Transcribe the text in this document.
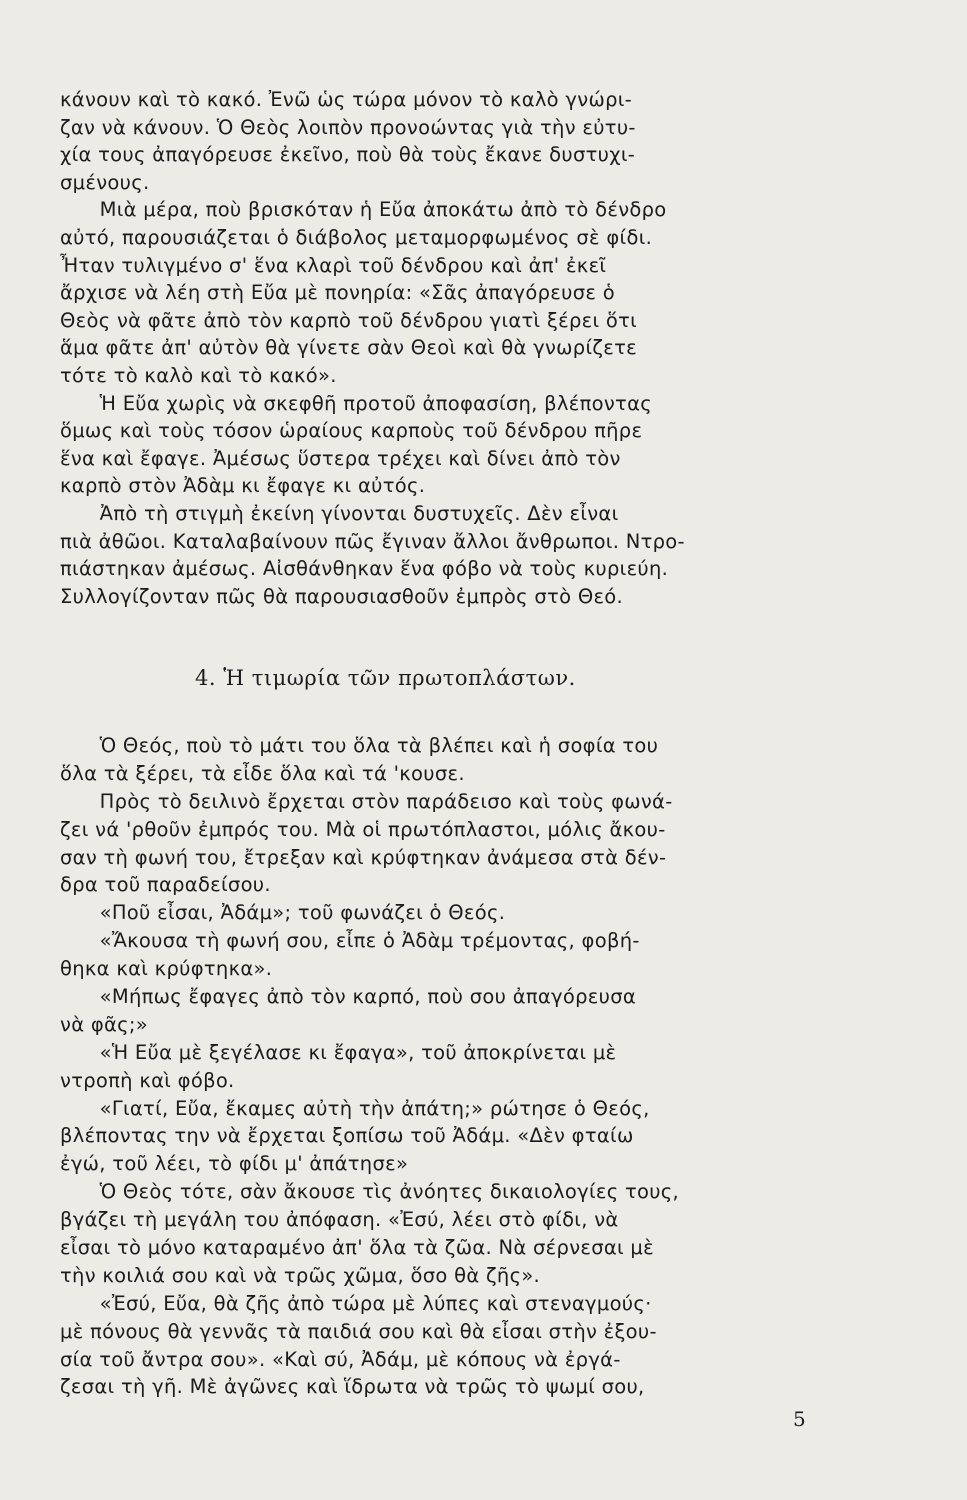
κάνουν καὶ τὸ κακό. Ἐνῶ ὡς τώρα μόνον τὸ καλὸ γνώρι-
ζαν νὰ κάνουν. Ὁ Θεὸς λοιπὸν προνοώντας γιὰ τὴν εὐτυ-
χία τους ἀπαγόρευσε ἐκεῖνο, ποὺ θὰ τοὺς ἔκανε δυστυχι-
σμένους.
  Μιὰ μέρα, ποὺ βρισκόταν ἡ Εὔα ἀποκάτω ἀπὸ τὸ δένδρο
αὐτό, παρουσιάζεται ὁ διάβολος μεταμορφωμένος σὲ φίδι.
Ἦταν τυλιγμένο σ' ἕνα κλαρὶ τοῦ δένδρου καὶ ἀπ' ἐκεῖ
ἄρχισε νὰ λέη στὴ Εὔα μὲ πονηρία: «Σᾶς ἀπαγόρευσε ὁ
Θεὸς νὰ φᾶτε ἀπὸ τὸν καρπὸ τοῦ δένδρου γιατὶ ξέρει ὅτι
ἅμα φᾶτε ἀπ' αὐτὸν θὰ γίνετε σὰν Θεοὶ καὶ θὰ γνωρίζετε
τότε τὸ καλὸ καὶ τὸ κακό».
  Ἡ Εὔα χωρὶς νὰ σκεφθῆ προτοῦ ἀποφασίση, βλέποντας
ὅμως καὶ τοὺς τόσον ὡραίους καρποὺς τοῦ δένδρου πῆρε
ἕνα καὶ ἔφαγε. Ἀμέσως ὕστερα τρέχει καὶ δίνει ἀπὸ τὸν
καρπὸ στὸν Ἀδὰμ κι ἔφαγε κι αὐτός.
  Ἀπὸ τὴ στιγμὴ ἐκείνη γίνονται δυστυχεῖς. Δὲν εἶναι
πιὰ ἀθῶοι. Καταλαβαίνουν πῶς ἔγιναν ἄλλοι ἄνθρωποι. Ντρο-
πιάστηκαν ἀμέσως. Αἰσθάνθηκαν ἕνα φόβο νὰ τοὺς κυριεύη.
Συλλογίζονταν πῶς θὰ παρουσιασθοῦν ἐμπρὸς στὸ Θεό.
4. Ἡ τιμωρία τῶν πρωτοπλάστων.
  Ὁ Θεός, ποὺ τὸ μάτι του ὅλα τὰ βλέπει καὶ ἡ σοφία του
ὅλα τὰ ξέρει, τὰ εἶδε ὅλα καὶ τά 'κουσε.
  Πρὸς τὸ δειλινὸ ἔρχεται στὸν παράδεισο καὶ τοὺς φωνά-
ζει νά 'ρθοῦν ἐμπρός του. Μὰ οἱ πρωτόπλαστοι, μόλις ἄκου-
σαν τὴ φωνή του, ἔτρεξαν καὶ κρύφτηκαν ἀνάμεσα στὰ δέν-
δρα τοῦ παραδείσου.
  «Ποῦ εἶσαι, Ἀδάμ»; τοῦ φωνάζει ὁ Θεός.
  «Ἄκουσα τὴ φωνή σου, εἶπε ὁ Ἀδὰμ τρέμοντας, φοβή-
θηκα καὶ κρύφτηκα».
  «Μήπως ἔφαγες ἀπὸ τὸν καρπό, ποὺ σου ἀπαγόρευσα
νὰ φᾶς;»
  «Ἡ Εὔα μὲ ξεγέλασε κι ἔφαγα», τοῦ ἀποκρίνεται μὲ
ντροπὴ καὶ φόβο.
  «Γιατί, Εὔα, ἔκαμες αὐτὴ τὴν ἀπάτη;» ρώτησε ὁ Θεός,
βλέποντας την νὰ ἔρχεται ξοπίσω τοῦ Ἀδάμ. «Δὲν φταίω
ἐγώ, τοῦ λέει, τὸ φίδι μ' ἀπάτησε»
  Ὁ Θεὸς τότε, σὰν ἄκουσε τὶς ἀνόητες δικαιολογίες τους,
βγάζει τὴ μεγάλη του ἀπόφαση. «Ἐσύ, λέει στὸ φίδι, νὰ
εἶσαι τὸ μόνο καταραμένο ἀπ' ὅλα τὰ ζῶα. Νὰ σέρνεσαι μὲ
τὴν κοιλιά σου καὶ νὰ τρῶς χῶμα, ὅσο θὰ ζῆς».
  «Ἐσύ, Εὔα, θὰ ζῆς ἀπὸ τώρα μὲ λύπες καὶ στεναγμούς·
μὲ πόνους θὰ γεννᾶς τὰ παιδιά σου καὶ θὰ εἶσαι στὴν ἐξου-
σία τοῦ ἄντρα σου». «Καὶ σύ, Ἀδάμ, μὲ κόπους νὰ ἐργά-
ζεσαι τὴ γῆ. Μὲ ἀγῶνες καὶ ἵδρωτα νὰ τρῶς τὸ ψωμί σου,
5
